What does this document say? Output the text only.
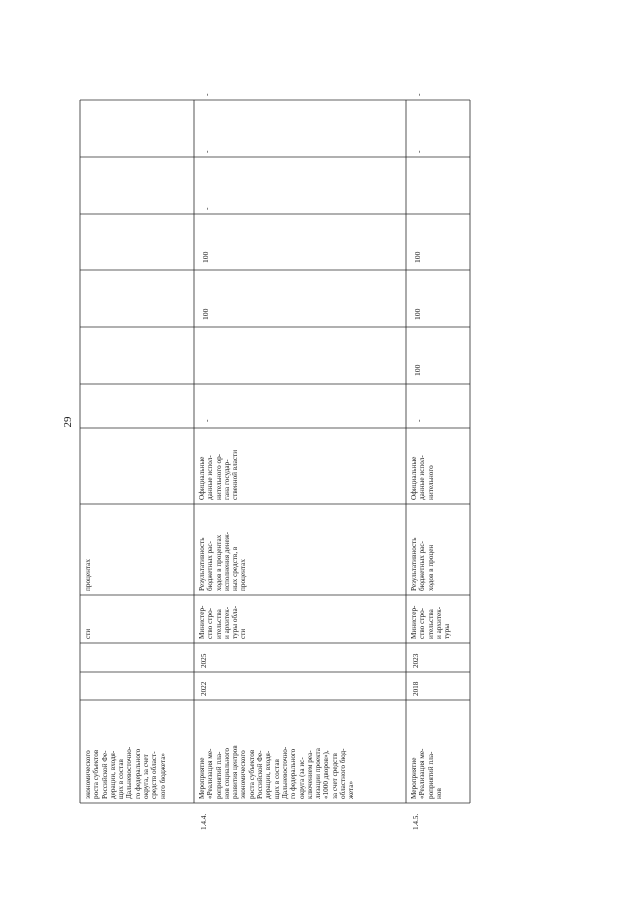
29
экономического
роста субъектов
Российской Фе-
дерации, входя-
щих в состав
Дальневосточно-
го федерального
округа, за счет
средств област-
ного бюджета»
сти
процентах
1.4.4.
Мероприятие
«Реализация ме-
роприятий пла-
нов социального
развития центров
экономического
роста субъектов
Российской Фе-
дерации, входя-
щих в состав
Дальневосточно-
го федерального
округа (за ис-
ключением реа-
лизации проекта
«1000 дворов»),
за счет средств
областного бюд-
жета»
2022
2025
Министер-
ство стро-
ительства
и архитек-
туры обла-
сти
Результативность
бюджетных рас-
ходов в процентах
исполнения денеж-
ных средств, в
процентах
Официальные
данные испол-
нительного ор-
гана государ-
ственной власти
-
100
100
-
-
-
1.4.5.
Мероприятие
«Реализация ме-
роприятий пла-
нов
2018
2023
Министер-
ство стро-
ительства
и архитек-
туры
Результативность
бюджетных рас-
ходов в процен
Официальные
данные испол-
нительного
-
100
100
100
-
-
